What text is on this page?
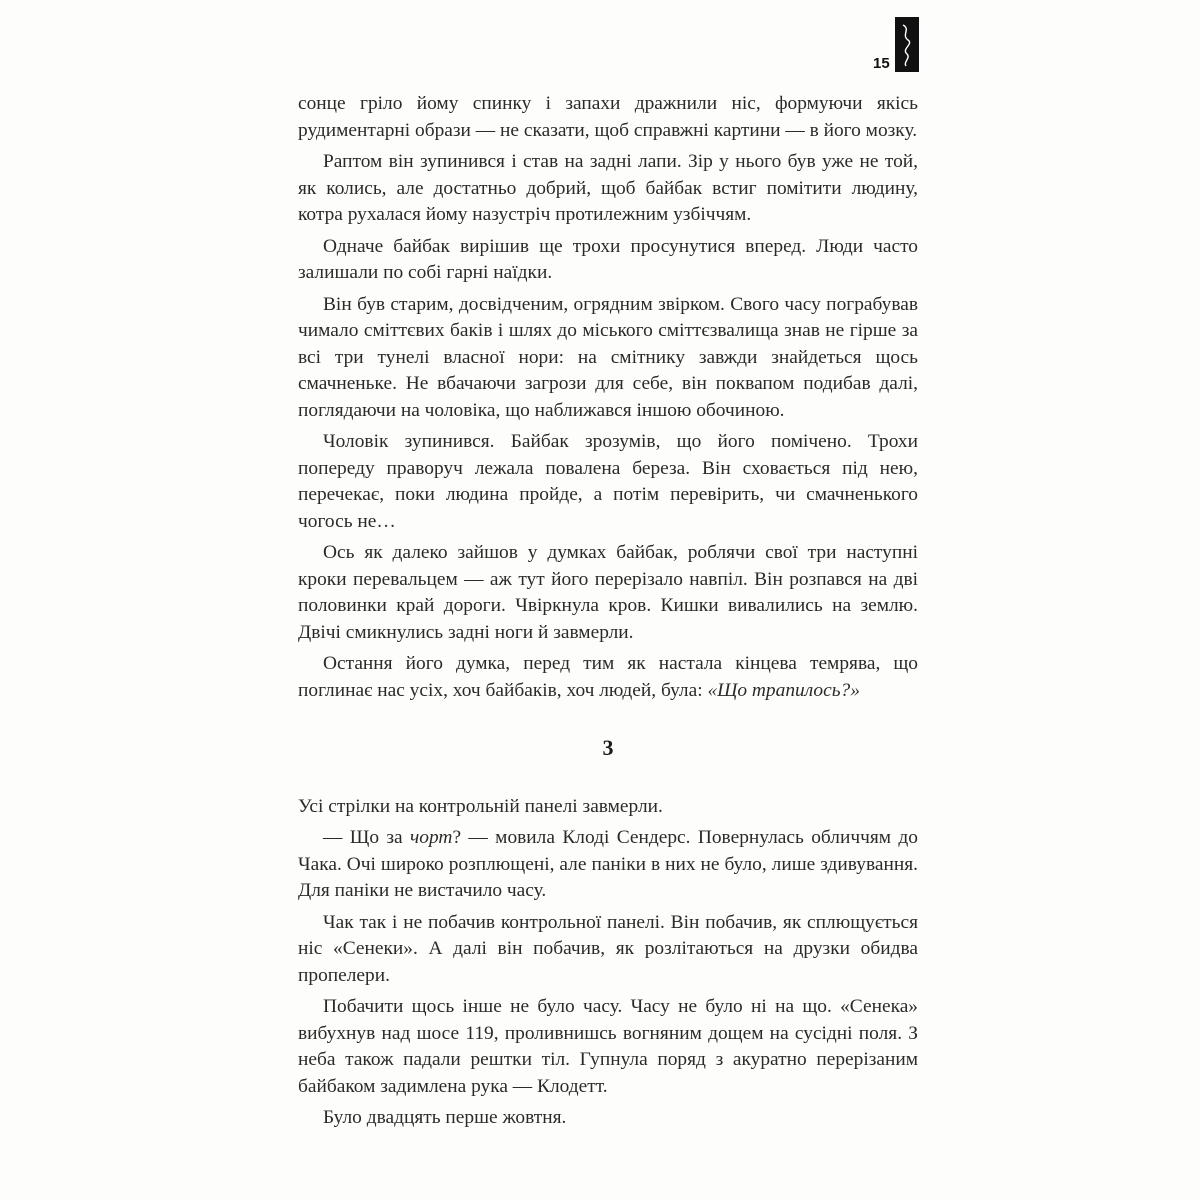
15

сонце гріло йому спинку і запахи дражнили ніс, формуючи якісь рудиментарні образи — не сказати, щоб справжні картини — в його мозку.

Раптом він зупинився і став на задні лапи. Зір у нього був уже не той, як колись, але достатньо добрий, щоб байбак встиг помітити людину, котра рухалася йому назустріч протилежним узбіччям.

Одначе байбак вирішив ще трохи просунутися вперед. Люди часто залишали по собі гарні наїдки.

Він був старим, досвідченим, огрядним звірком. Свого часу пограбував чимало сміттєвих баків і шлях до міського сміттєзвалища знав не гірше за всі три тунелі власної нори: на смітнику завжди знайдеться щось смачненьке. Не вбачаючи загрози для себе, він поквапом подибав далі, поглядаючи на чоловіка, що наближався іншою обочиною.

Чоловік зупинився. Байбак зрозумів, що його помічено. Трохи попереду праворуч лежала повалена береза. Він сховається під нею, перечекає, поки людина пройде, а потім перевірить, чи смачненького чогось не…

Ось як далеко зайшов у думках байбак, роблячи свої три наступні кроки перевальцем — аж тут його перерізало навпіл. Він розпався на дві половинки край дороги. Чвіркнула кров. Кишки вивалились на землю. Двічі смикнулись задні ноги й завмерли.

Остання його думка, перед тим як настала кінцева темрява, що поглинає нас усіх, хоч байбаків, хоч людей, була: «Що трапилось?»

3

Усі стрілки на контрольній панелі завмерли.

— Що за чорт? — мовила Клоді Сендерс. Повернулась обличчям до Чака. Очі широко розплющені, але паніки в них не було, лише здивування. Для паніки не вистачило часу.

Чак так і не побачив контрольної панелі. Він побачив, як сплющується ніс «Сенеки». А далі він побачив, як розлітаються на друзки обидва пропелери.

Побачити щось інше не було часу. Часу не було ні на що. «Сенека» вибухнув над шосе 119, проливнишсь вогняним дощем на сусідні поля. З неба також падали рештки тіл. Гупнула поряд з акуратно перерізаним байбаком задимлена рука — Клодетт.

Було двадцять перше жовтня.
